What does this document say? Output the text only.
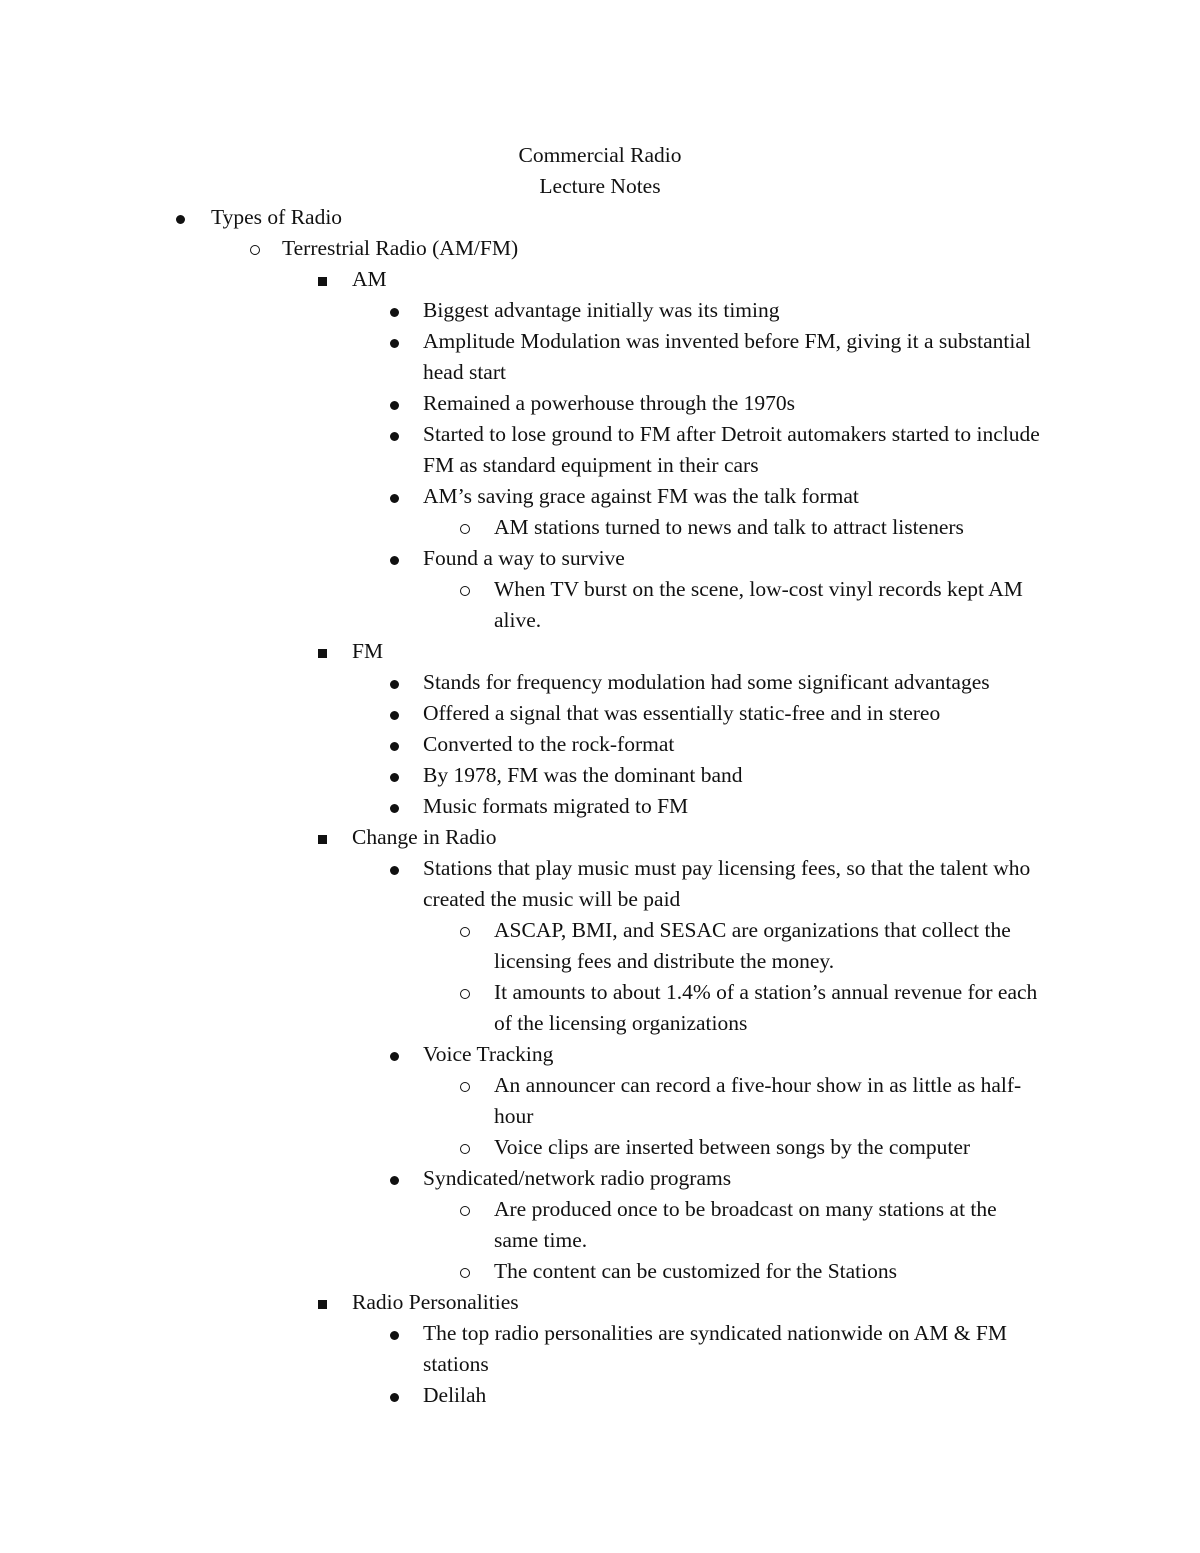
Commercial Radio
Lecture Notes
Types of Radio
Terrestrial Radio (AM/FM)
AM
Biggest advantage initially was its timing
Amplitude Modulation was invented before FM, giving it a substantial head start
Remained a powerhouse through the 1970s
Started to lose ground to FM after Detroit automakers started to include FM as standard equipment in their cars
AM’s saving grace against FM was the talk format
AM stations turned to news and talk to attract listeners
Found a way to survive
When TV burst on the scene, low-cost vinyl records kept AM alive.
FM
Stands for frequency modulation had some significant advantages
Offered a signal that was essentially static-free and in stereo
Converted to the rock-format
By 1978, FM was the dominant band
Music formats migrated to FM
Change in Radio
Stations that play music must pay licensing fees, so that the talent who created the music will be paid
ASCAP, BMI, and SESAC are organizations that collect the licensing fees and distribute the money.
It amounts to about 1.4% of a station’s annual revenue for each of the licensing organizations
Voice Tracking
An announcer can record a five-hour show in as little as half-hour
Voice clips are inserted between songs by the computer
Syndicated/network radio programs
Are produced once to be broadcast on many stations at the same time.
The content can be customized for the Stations
Radio Personalities
The top radio personalities are syndicated nationwide on AM & FM stations
Delilah
